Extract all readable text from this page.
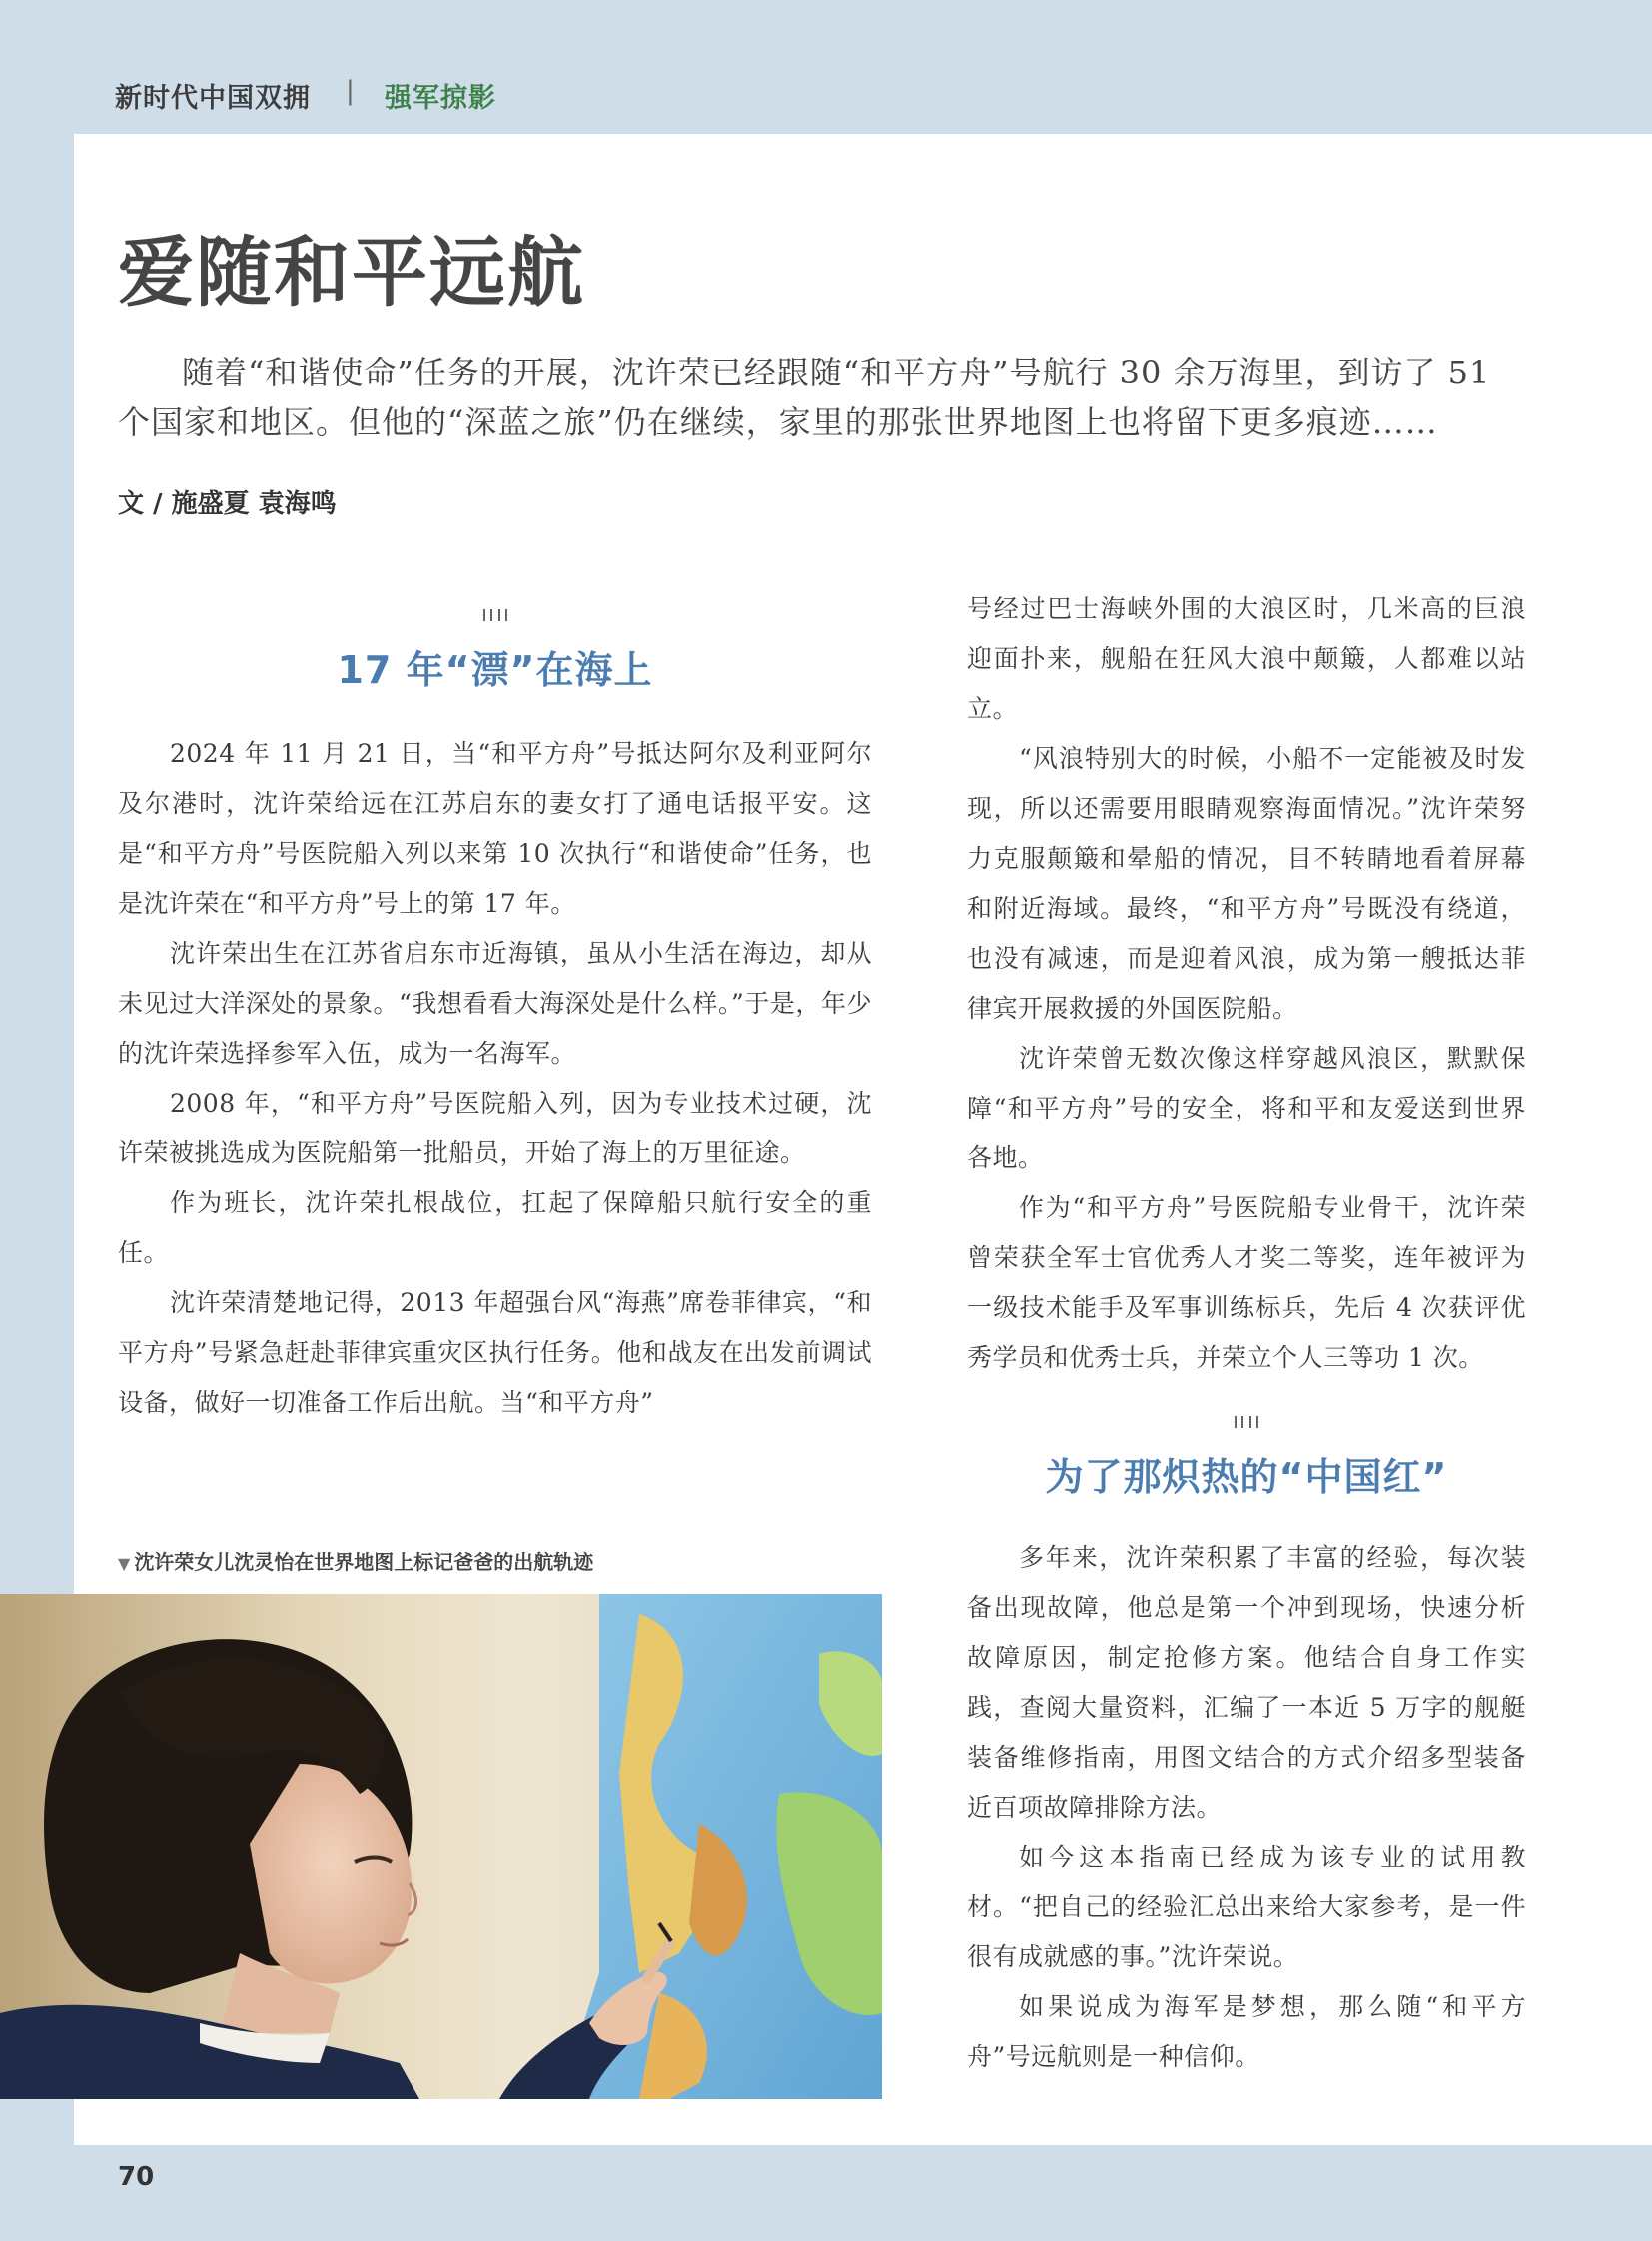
新时代中国双拥 | 强军掠影
爱随和平远航

随着“和谐使命”任务的开展，沈许荣已经跟随“和平方舟”号航行 30 余万海里，到访了 51 个国家和地区。但他的“深蓝之旅”仍在继续，家里的那张世界地图上也将留下更多痕迹……

文 / 施盛夏 袁海鸣
17 年“漂”在海上

2024 年 11 月 21 日，当“和平方舟”号抵达阿尔及利亚阿尔及尔港时，沈许荣给远在江苏启东的妻女打了通电话报平安。这是“和平方舟”号医院船入列以来第 10 次执行“和谐使命”任务，也是沈许荣在“和平方舟”号上的第 17 年。

沈许荣出生在江苏省启东市近海镇，虽从小生活在海边，却从未见过大洋深处的景象。“我想看看大海深处是什么样。”于是，年少的沈许荣选择参军入伍，成为一名海军。

2008 年，“和平方舟”号医院船入列，因为专业技术过硬，沈许荣被挑选成为医院船第一批船员，开始了海上的万里征途。

作为班长，沈许荣扎根战位，扛起了保障船只航行安全的重任。

沈许荣清楚地记得，2013 年超强台风“海燕”席卷菲律宾，“和平方舟”号紧急赶赴菲律宾重灾区执行任务。他和战友在出发前调试设备，做好一切准备工作后出航。当“和平方舟”

号经过巴士海峡外围的大浪区时，几米高的巨浪迎面扑来，舰船在狂风大浪中颠簸，人都难以站立。

“风浪特别大的时候，小船不一定能被及时发现，所以还需要用眼睛观察海面情况。”沈许荣努力克服颠簸和晕船的情况，目不转睛地看着屏幕和附近海域。最终，“和平方舟”号既没有绕道，也没有减速，而是迎着风浪，成为第一艘抵达菲律宾开展救援的外国医院船。

沈许荣曾无数次像这样穿越风浪区，默默保障“和平方舟”号的安全，将和平和友爱送到世界各地。

作为“和平方舟”号医院船专业骨干，沈许荣曾荣获全军士官优秀人才奖二等奖，连年被评为一级技术能手及军事训练标兵，先后 4 次获评优秀学员和优秀士兵，并荣立个人三等功 1 次。

为了那炽热的“中国红”

多年来，沈许荣积累了丰富的经验，每次装备出现故障，他总是第一个冲到现场，快速分析故障原因，制定抢修方案。他结合自身工作实践，查阅大量资料，汇编了一本近 5 万字的舰艇装备维修指南，用图文结合的方式介绍多型装备近百项故障排除方法。

如今这本指南已经成为该专业的试用教材。“把自己的经验汇总出来给大家参考，是一件很有成就感的事。”沈许荣说。

如果说成为海军是梦想，那么随“和平方舟”号远航则是一种信仰。

▼ 沈许荣女儿沈灵怡在世界地图上标记爸爸的出航轨迹
70
